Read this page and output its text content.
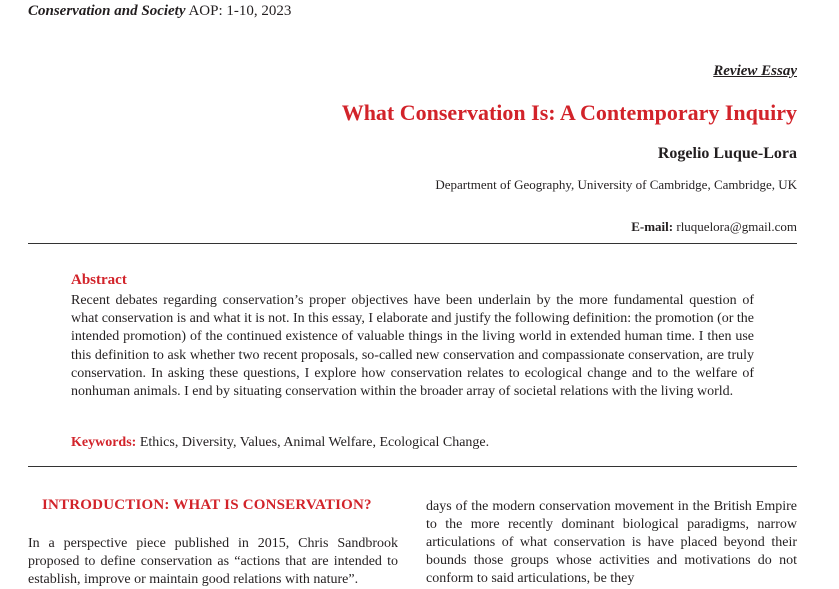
Conservation and Society AOP: 1-10, 2023
Review Essay
What Conservation Is: A Contemporary Inquiry
Rogelio Luque-Lora
Department of Geography, University of Cambridge, Cambridge, UK
E-mail: rluquelora@gmail.com
Abstract
Recent debates regarding conservation’s proper objectives have been underlain by the more fundamental question of what conservation is and what it is not. In this essay, I elaborate and justify the following definition: the promotion (or the intended promotion) of the continued existence of valuable things in the living world in extended human time. I then use this definition to ask whether two recent proposals, so-called new conservation and compassionate conservation, are truly conservation. In asking these questions, I explore how conservation relates to ecological change and to the welfare of nonhuman animals. I end by situating conservation within the broader array of societal relations with the living world.
Keywords: Ethics, Diversity, Values, Animal Welfare, Ecological Change.
INTRODUCTION: WHAT IS CONSERVATION?
In a perspective piece published in 2015, Chris Sandbrook proposed to define conservation as “actions that are intended to establish, improve or maintain good relations with nature”.
days of the modern conservation movement in the British Empire to the more recently dominant biological paradigms, narrow articulations of what conservation is have placed beyond their bounds those groups whose activities and motivations do not conform to said articulations, be they
